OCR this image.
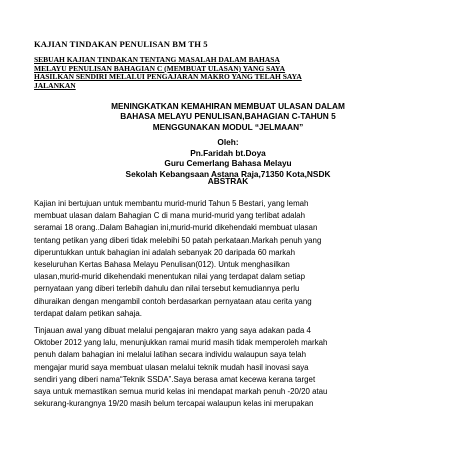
KAJIAN TINDAKAN PENULISAN BM TH 5
SEBUAH KAJIAN TINDAKAN TENTANG MASALAH DALAM BAHASA
MELAYU PENULISAN BAHAGIAN C (MEMBUAT ULASAN) YANG SAYA
HASILKAN SENDIRI MELALUI PENGAJARAN MAKRO YANG TELAH SAYA
JALANKAN
MENINGKATKAN KEMAHIRAN MEMBUAT ULASAN DALAM
BAHASA MELAYU PENULISAN,BAHAGIAN C-TAHUN 5
MENGGUNAKAN MODUL “JELMAAN”
Oleh:
Pn.Faridah bt.Doya
Guru Cemerlang Bahasa Melayu
Sekolah Kebangsaan Astana Raja,71350 Kota,NSDK
ABSTRAK
Kajian ini bertujuan untuk membantu murid-murid Tahun 5 Bestari, yang lemah
membuat ulasan dalam Bahagian C di mana murid-murid yang terlibat adalah
seramai 18 orang..Dalam Bahagian ini,murid-murid dikehendaki membuat ulasan
tentang petikan yang diberi tidak melebihi 50 patah perkataan.Markah penuh yang
diperuntukkan untuk bahagian ini adalah sebanyak 20 daripada 60 markah
keseluruhan Kertas Bahasa Melayu Penulisan(012). Untuk menghasilkan
ulasan,murid-murid dikehendaki menentukan nilai yang terdapat dalam setiap
pernyataan yang diberi terlebih dahulu dan nilai tersebut kemudiannya perlu
dihuraikan dengan mengambil contoh berdasarkan pernyataan atau cerita yang
terdapat dalam petikan sahaja.
Tinjauan awal yang dibuat melalui pengajaran makro yang saya adakan pada 4
Oktober 2012 yang lalu, menunjukkan ramai murid masih tidak memperoleh markah
penuh dalam bahagian ini melalui latihan secara individu walaupun saya telah
mengajar murid saya membuat ulasan melalui teknik mudah hasil inovasi saya
sendiri yang diberi nama“Teknik SSDA”.Saya berasa amat kecewa kerana target
saya untuk memastikan semua murid kelas ini mendapat markah penuh -20/20 atau
sekurang-kurangnya 19/20 masih belum tercapai walaupun kelas ini merupakan
